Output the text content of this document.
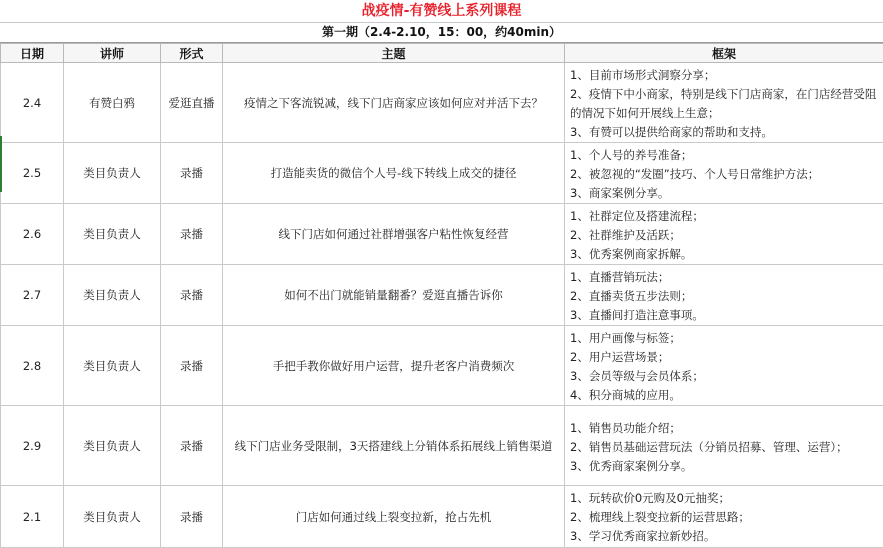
战疫情-有赞线上系列课程
第一期（2.4-2.10，15：00，约40min）
日期	讲师	形式	主题	框架
2.4	有赞白鸦	爱逛直播	疫情之下客流锐减，线下门店商家应该如何应对并活下去？	1、目前市场形式洞察分享；
2、疫情下中小商家，特别是线下门店商家，在门店经营受阻的情况下如何开展线上生意；
3、有赞可以提供给商家的帮助和支持。

2.5	类目负责人	录播	打造能卖货的微信个人号-线下转线上成交的捷径	1、个人号的养号准备；
2、被忽视的“发圈”技巧、个人号日常维护方法；
3、商家案例分享。

2.6	类目负责人	录播	线下门店如何通过社群增强客户粘性恢复经营	1、社群定位及搭建流程；
2、社群维护及活跃；
3、优秀案例商家拆解。

2.7	类目负责人	录播	如何不出门就能销量翻番？爱逛直播告诉你	1、直播营销玩法；
2、直播卖货五步法则；
3、直播间打造注意事项。

2.8	类目负责人	录播	手把手教你做好用户运营，提升老客户消费频次	1、用户画像与标签；
2、用户运营场景；
3、会员等级与会员体系；
4、积分商城的应用。

2.9	类目负责人	录播	线下门店业务受限制，3天搭建线上分销体系拓展线上销售渠道	1、销售员功能介绍；
2、销售员基础运营玩法（分销员招募、管理、运营）；
3、优秀商家案例分享。

2.1	类目负责人	录播	门店如何通过线上裂变拉新，抢占先机	1、玩转砍价0元购及0元抽奖；
2、梳理线上裂变拉新的运营思路；
3、学习优秀商家拉新妙招。
